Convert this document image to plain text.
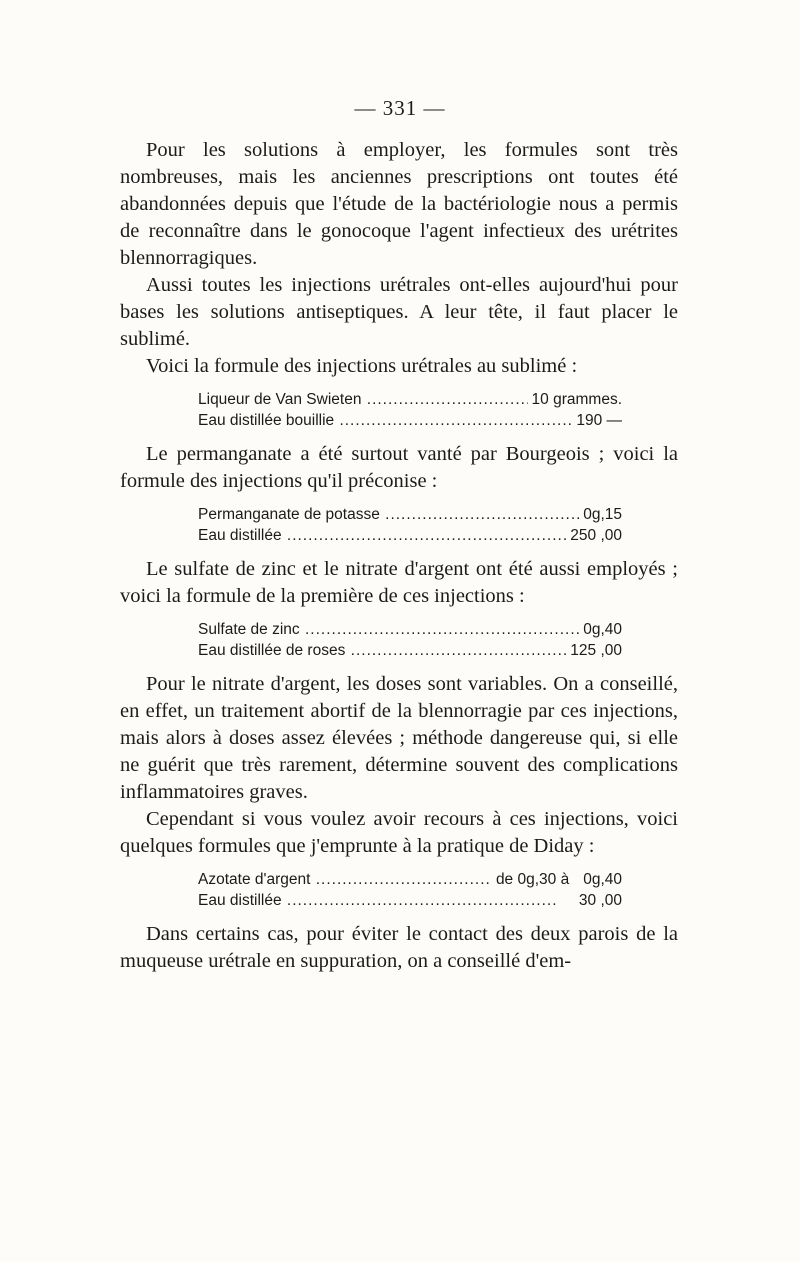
— 331 —

Pour les solutions à employer, les formules sont très nombreuses, mais les anciennes prescriptions ont toutes été abandonnées depuis que l'étude de la bactériologie nous a permis de reconnaître dans le gonocoque l'agent infectieux des urétrites blennorragiques.

Aussi toutes les injections urétrales ont-elles aujourd'hui pour bases les solutions antiseptiques. A leur tête, il faut placer le sublimé.

Voici la formule des injections urétrales au sublimé :

Liqueur de Van Swieten .....	10 grammes.
Eau distillée bouillie .....	190 —

Le permanganate a été surtout vanté par Bourgeois ; voici la formule des injections qu'il préconise :

Permanganate de potasse .....	0g,15
Eau distillée .....	250 ,00

Le sulfate de zinc et le nitrate d'argent ont été aussi employés ; voici la formule de la première de ces injections :

Sulfate de zinc .....	0g,40
Eau distillée de roses .....	125 ,00

Pour le nitrate d'argent, les doses sont variables. On a conseillé, en effet, un traitement abortif de la blennorragie par ces injections, mais alors à doses assez élevées ; méthode dangereuse qui, si elle ne guérit que très rarement, détermine souvent des complications inflammatoires graves.

Cependant si vous voulez avoir recours à ces injections, voici quelques formules que j'emprunte à la pratique de Diday :

Azotate d'argent .....	de 0g,30 à 0g,40
Eau distillée .....	30 ,00

Dans certains cas, pour éviter le contact des deux parois de la muqueuse urétrale en suppuration, on a conseillé d'em-
